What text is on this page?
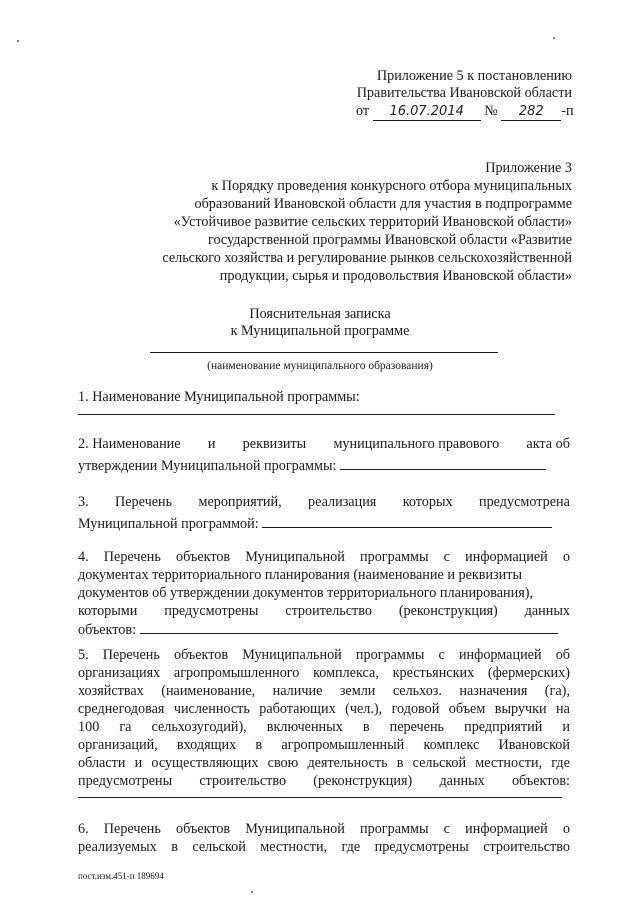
Приложение 5 к постановлению
Правительства Ивановской области
от 16.07.2014 № 282 -п
Приложение 3
к Порядку проведения конкурсного отбора муниципальных
образований Ивановской области для участия в подпрограмме
«Устойчивое развитие сельских территорий Ивановской области»
государственной программы Ивановской области «Развитие
сельского хозяйства и регулирование рынков сельскохозяйственной
продукции, сырья и продовольствия Ивановской области»
Пояснительная записка
к Муниципальной программе
(наименование муниципального образования)
1. Наименование Муниципальной программы:
2. Наименование и реквизиты муниципального правового акта об
утверждении Муниципальной программы:
3. Перечень мероприятий, реализация которых предусмотрена
Муниципальной программой:
4. Перечень объектов Муниципальной программы с информацией о
документах территориального планирования (наименование и реквизиты
документов об утверждении документов территориального планирования),
которыми предусмотрены строительство (реконструкция) данных
объектов:
5. Перечень объектов Муниципальной программы с информацией об
организациях агропромышленного комплекса, крестьянских (фермерских)
хозяйствах (наименование, наличие земли сельхоз. назначения (га),
среднегодовая численность работающих (чел.), годовой объем выручки на
100 га сельхозугодий), включенных в перечень предприятий и
организаций, входящих в агропромышленный комплекс Ивановской
области и осуществляющих свою деятельность в сельской местности, где
предусмотрены строительство (реконструкция) данных объектов:
6. Перечень объектов Муниципальной программы с информацией о
реализуемых в сельской местности, где предусмотрены строительство
пост.изм.451-п 189694
